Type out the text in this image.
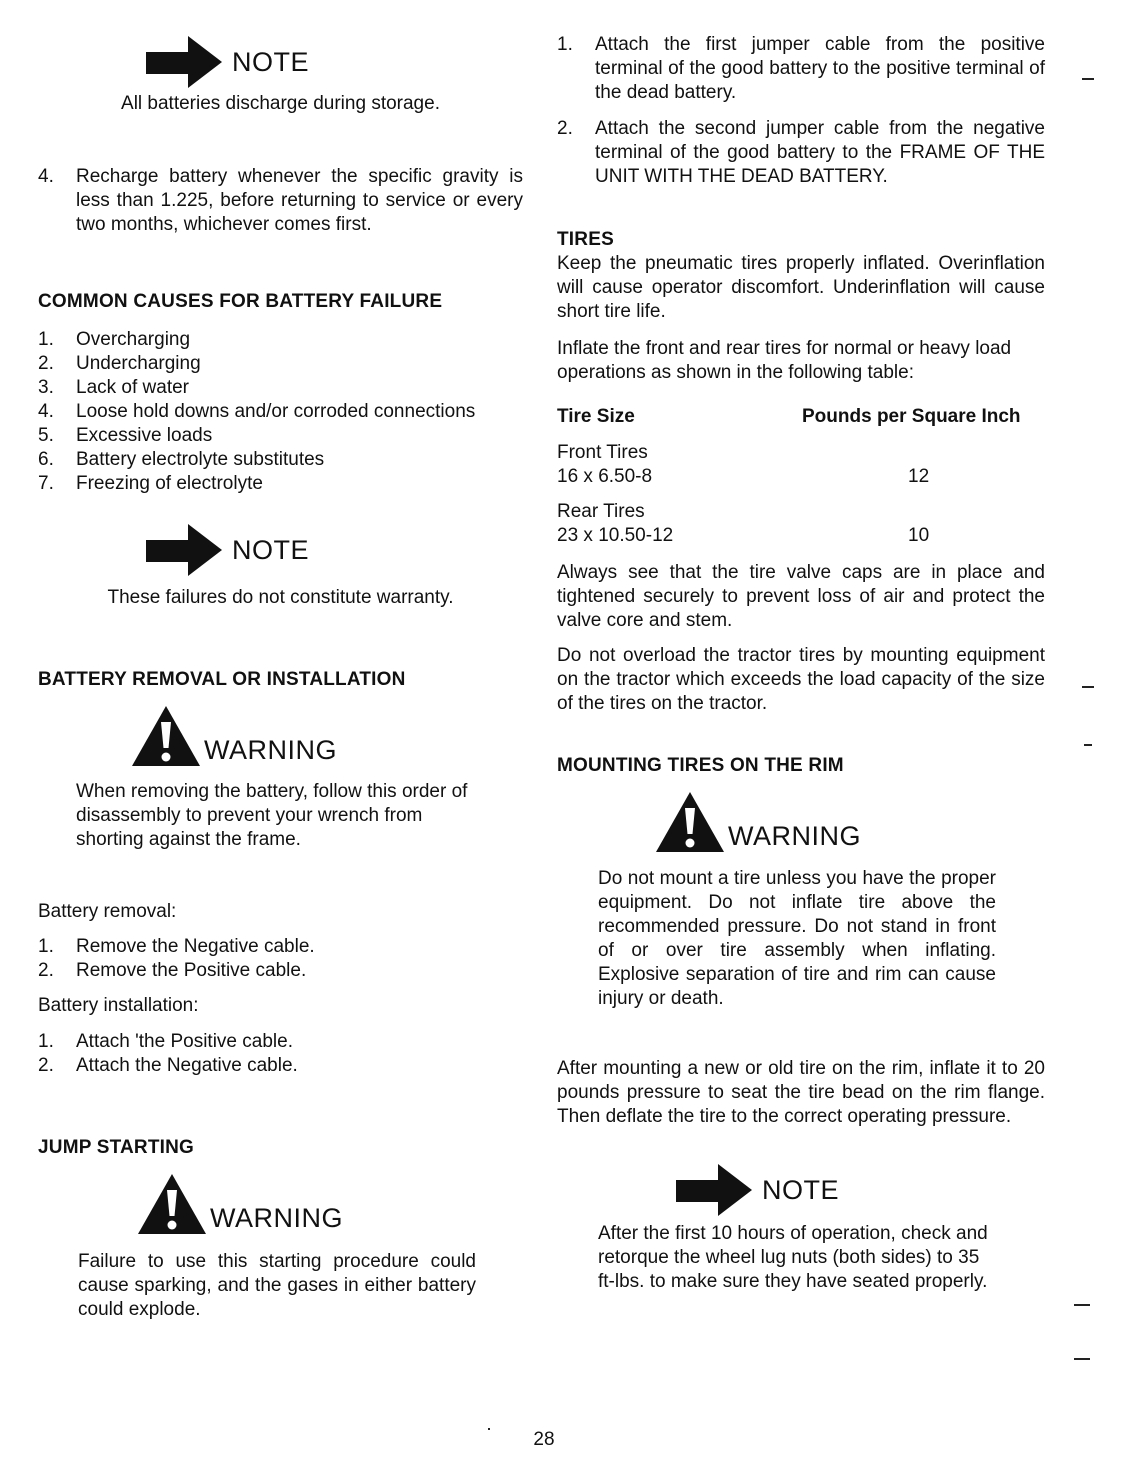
NOTE
All batteries discharge during storage.
4.	Recharge battery whenever the specific gravity is less than 1.225, before returning to service or every two months, whichever comes first.
COMMON CAUSES FOR BATTERY FAILURE
1.	Overcharging
2.	Undercharging
3.	Lack of water
4.	Loose hold downs and/or corroded connections
5.	Excessive loads
6.	Battery electrolyte substitutes
7.	Freezing of electrolyte
NOTE
These failures do not constitute warranty.
BATTERY REMOVAL OR INSTALLATION
WARNING
When removing the battery, follow this order of disassembly to prevent your wrench from shorting against the frame.
Battery removal:
1.	Remove the Negative cable.
2.	Remove the Positive cable.
Battery installation:
1.	Attach 'the Positive cable.
2.	Attach the Negative cable.
JUMP STARTING
WARNING
Failure to use this starting procedure could cause sparking, and the gases in either battery could explode.
1.	Attach the first jumper cable from the positive terminal of the good battery to the positive terminal of the dead battery.
2.	Attach the second jumper cable from the negative terminal of the good battery to the FRAME OF THE UNIT WITH THE DEAD BATTERY.
TIRES
Keep the pneumatic tires properly inflated. Overinflation will cause operator discomfort. Underinflation will cause short tire life.
Inflate the front and rear tires for normal or heavy load operations as shown in the following table:
Tire Size	Pounds per Square Inch
Front Tires	
16 x 6.50-8	12
Rear Tires	
23 x 10.50-12	10
Always see that the tire valve caps are in place and tightened securely to prevent loss of air and protect the valve core and stem.
Do not overload the tractor tires by mounting equipment on the tractor which exceeds the load capacity of the size of the tires on the tractor.
MOUNTING TIRES ON THE RIM
WARNING
Do not mount a tire unless you have the proper equipment. Do not inflate tire above the recommended pressure. Do not stand in front of or over tire assembly when inflating. Explosive separation of tire and rim can cause injury or death.
After mounting a new or old tire on the rim, inflate it to 20 pounds pressure to seat the tire bead on the rim flange. Then deflate the tire to the correct operating pressure.
NOTE
After the first 10 hours of operation, check and retorque the wheel lug nuts (both sides) to 35 ft-lbs. to make sure they have seated properly.
28
